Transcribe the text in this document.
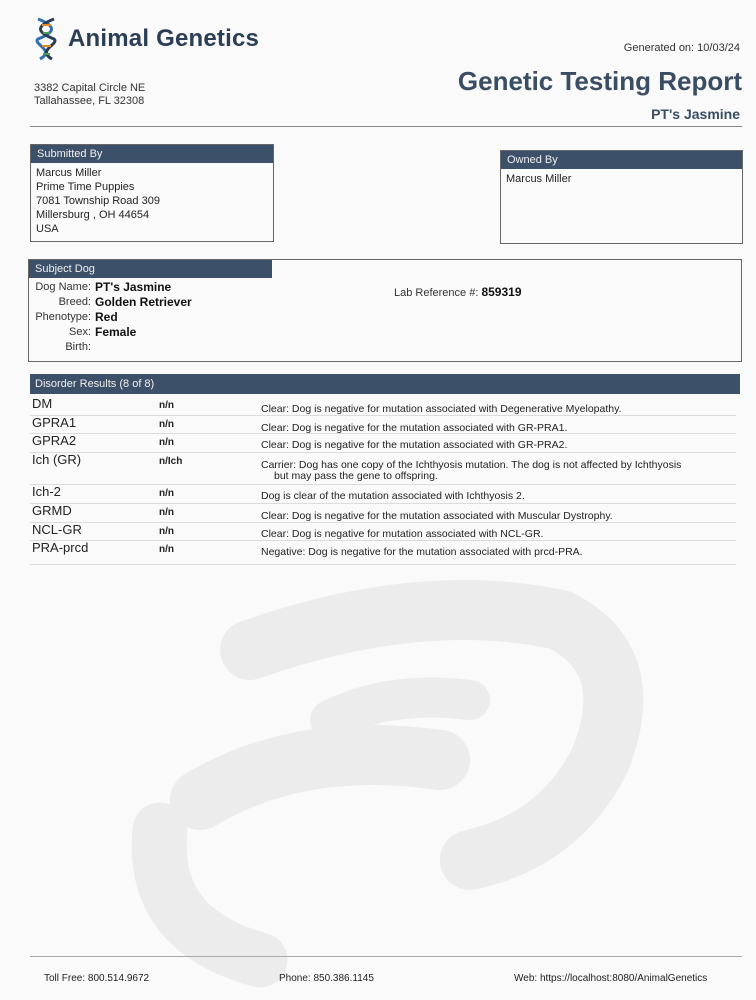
Animal Genetics	Generated on: 10/03/24
3382 Capital Circle NE
Tallahassee, FL 32308
Genetic Testing Report
PT's Jasmine
Submitted By
Marcus Miller
Prime Time Puppies
7081 Township Road 309
Millersburg , OH 44654
USA
Owned By
Marcus Miller
Subject Dog
Dog Name: PT's Jasmine
Breed: Golden Retriever
Phenotype: Red
Sex: Female
Birth:
Lab Reference #: 859319
Disorder Results (8 of 8)
DM	n/n	Clear: Dog is negative for mutation associated with Degenerative Myelopathy.
GPRA1	n/n	Clear: Dog is negative for the mutation associated with GR-PRA1.
GPRA2	n/n	Clear: Dog is negative for the mutation associated with GR-PRA2.
Ich (GR)	n/Ich	Carrier: Dog has one copy of the Ichthyosis mutation. The dog is not affected by Ichthyosis
but may pass the gene to offspring.
Ich-2	n/n	Dog is clear of the mutation associated with Ichthyosis 2.
GRMD	n/n	Clear: Dog is negative for the mutation associated with Muscular Dystrophy.
NCL-GR	n/n	Clear: Dog is negative for mutation associated with NCL-GR.
PRA-prcd	n/n	Negative: Dog is negative for the mutation associated with prcd-PRA.
Toll Free: 800.514.9672	Phone: 850.386.1145	Web: https://localhost:8080/AnimalGenetics
